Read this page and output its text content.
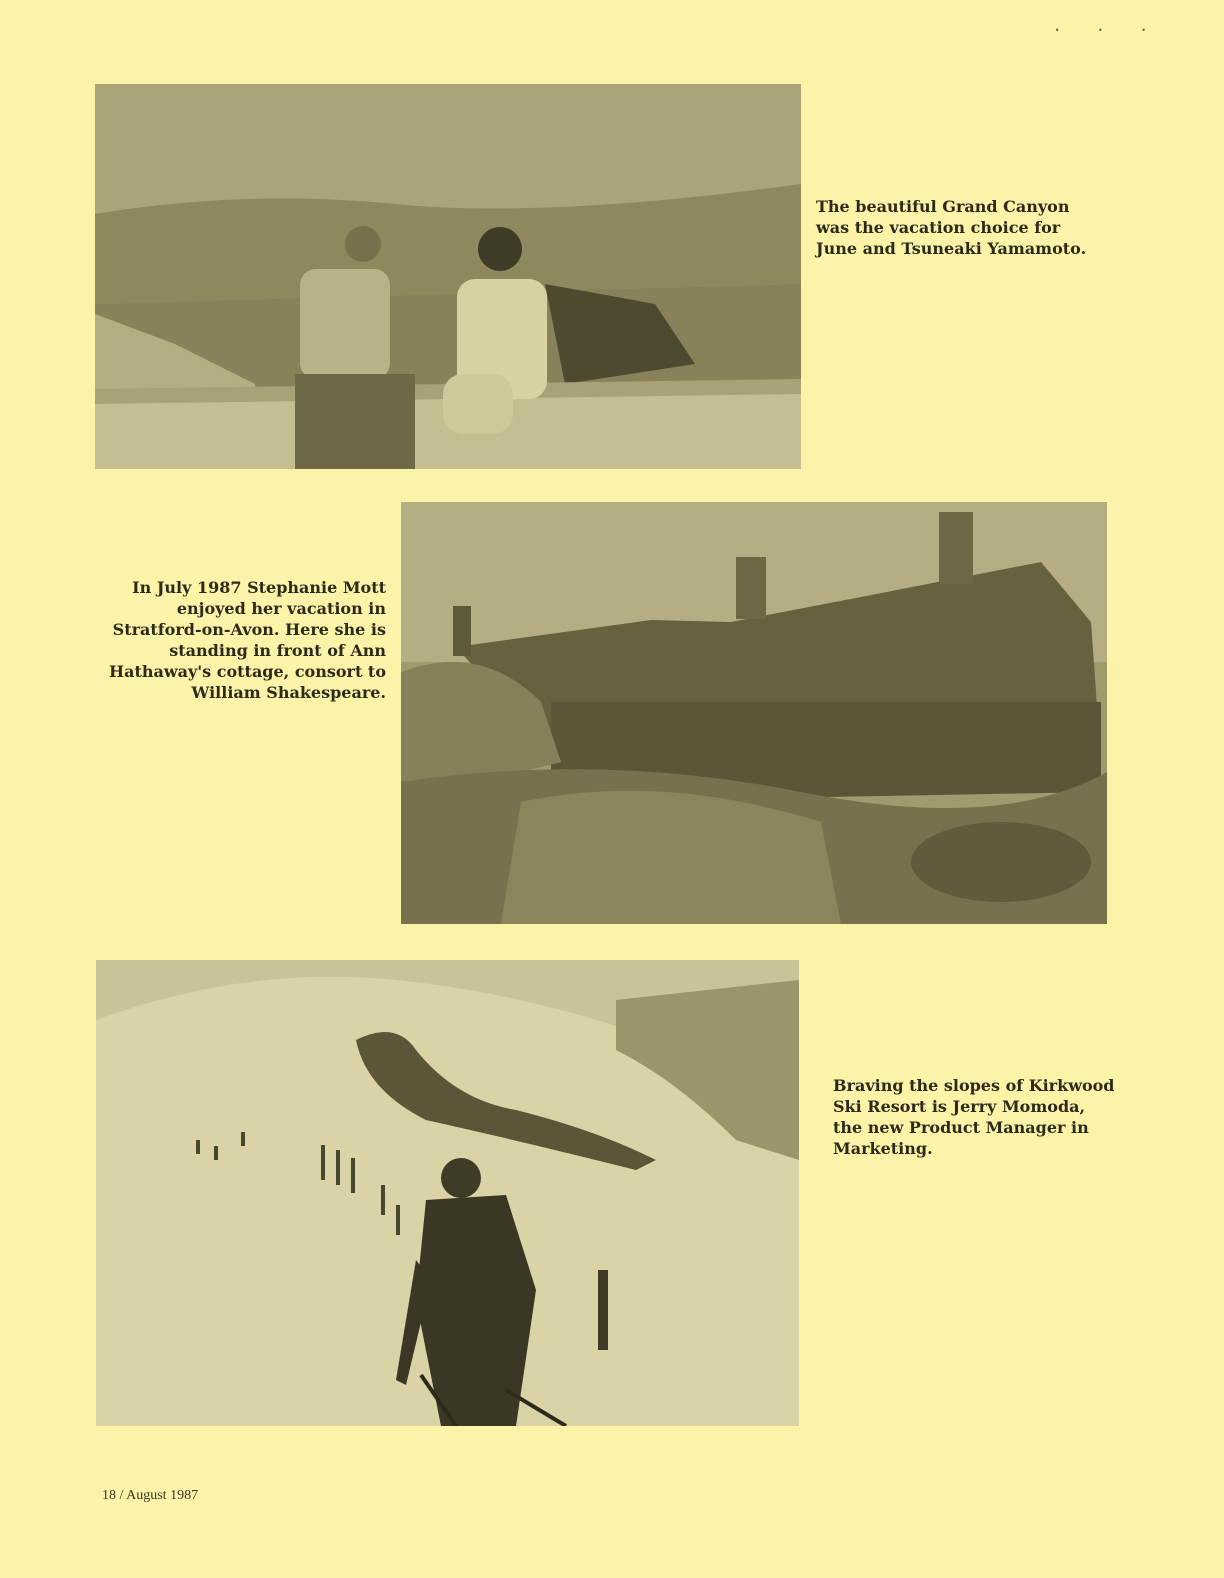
• • •

The beautiful Grand Canyon was the vacation choice for June and Tsuneaki Yamamoto.

In July 1987 Stephanie Mott enjoyed her vacation in Stratford-on-Avon. Here she is standing in front of Ann Hathaway's cottage, consort to William Shakespeare.

Braving the slopes of Kirkwood Ski Resort is Jerry Momoda, the new Product Manager in Marketing.

18 / August 1987
